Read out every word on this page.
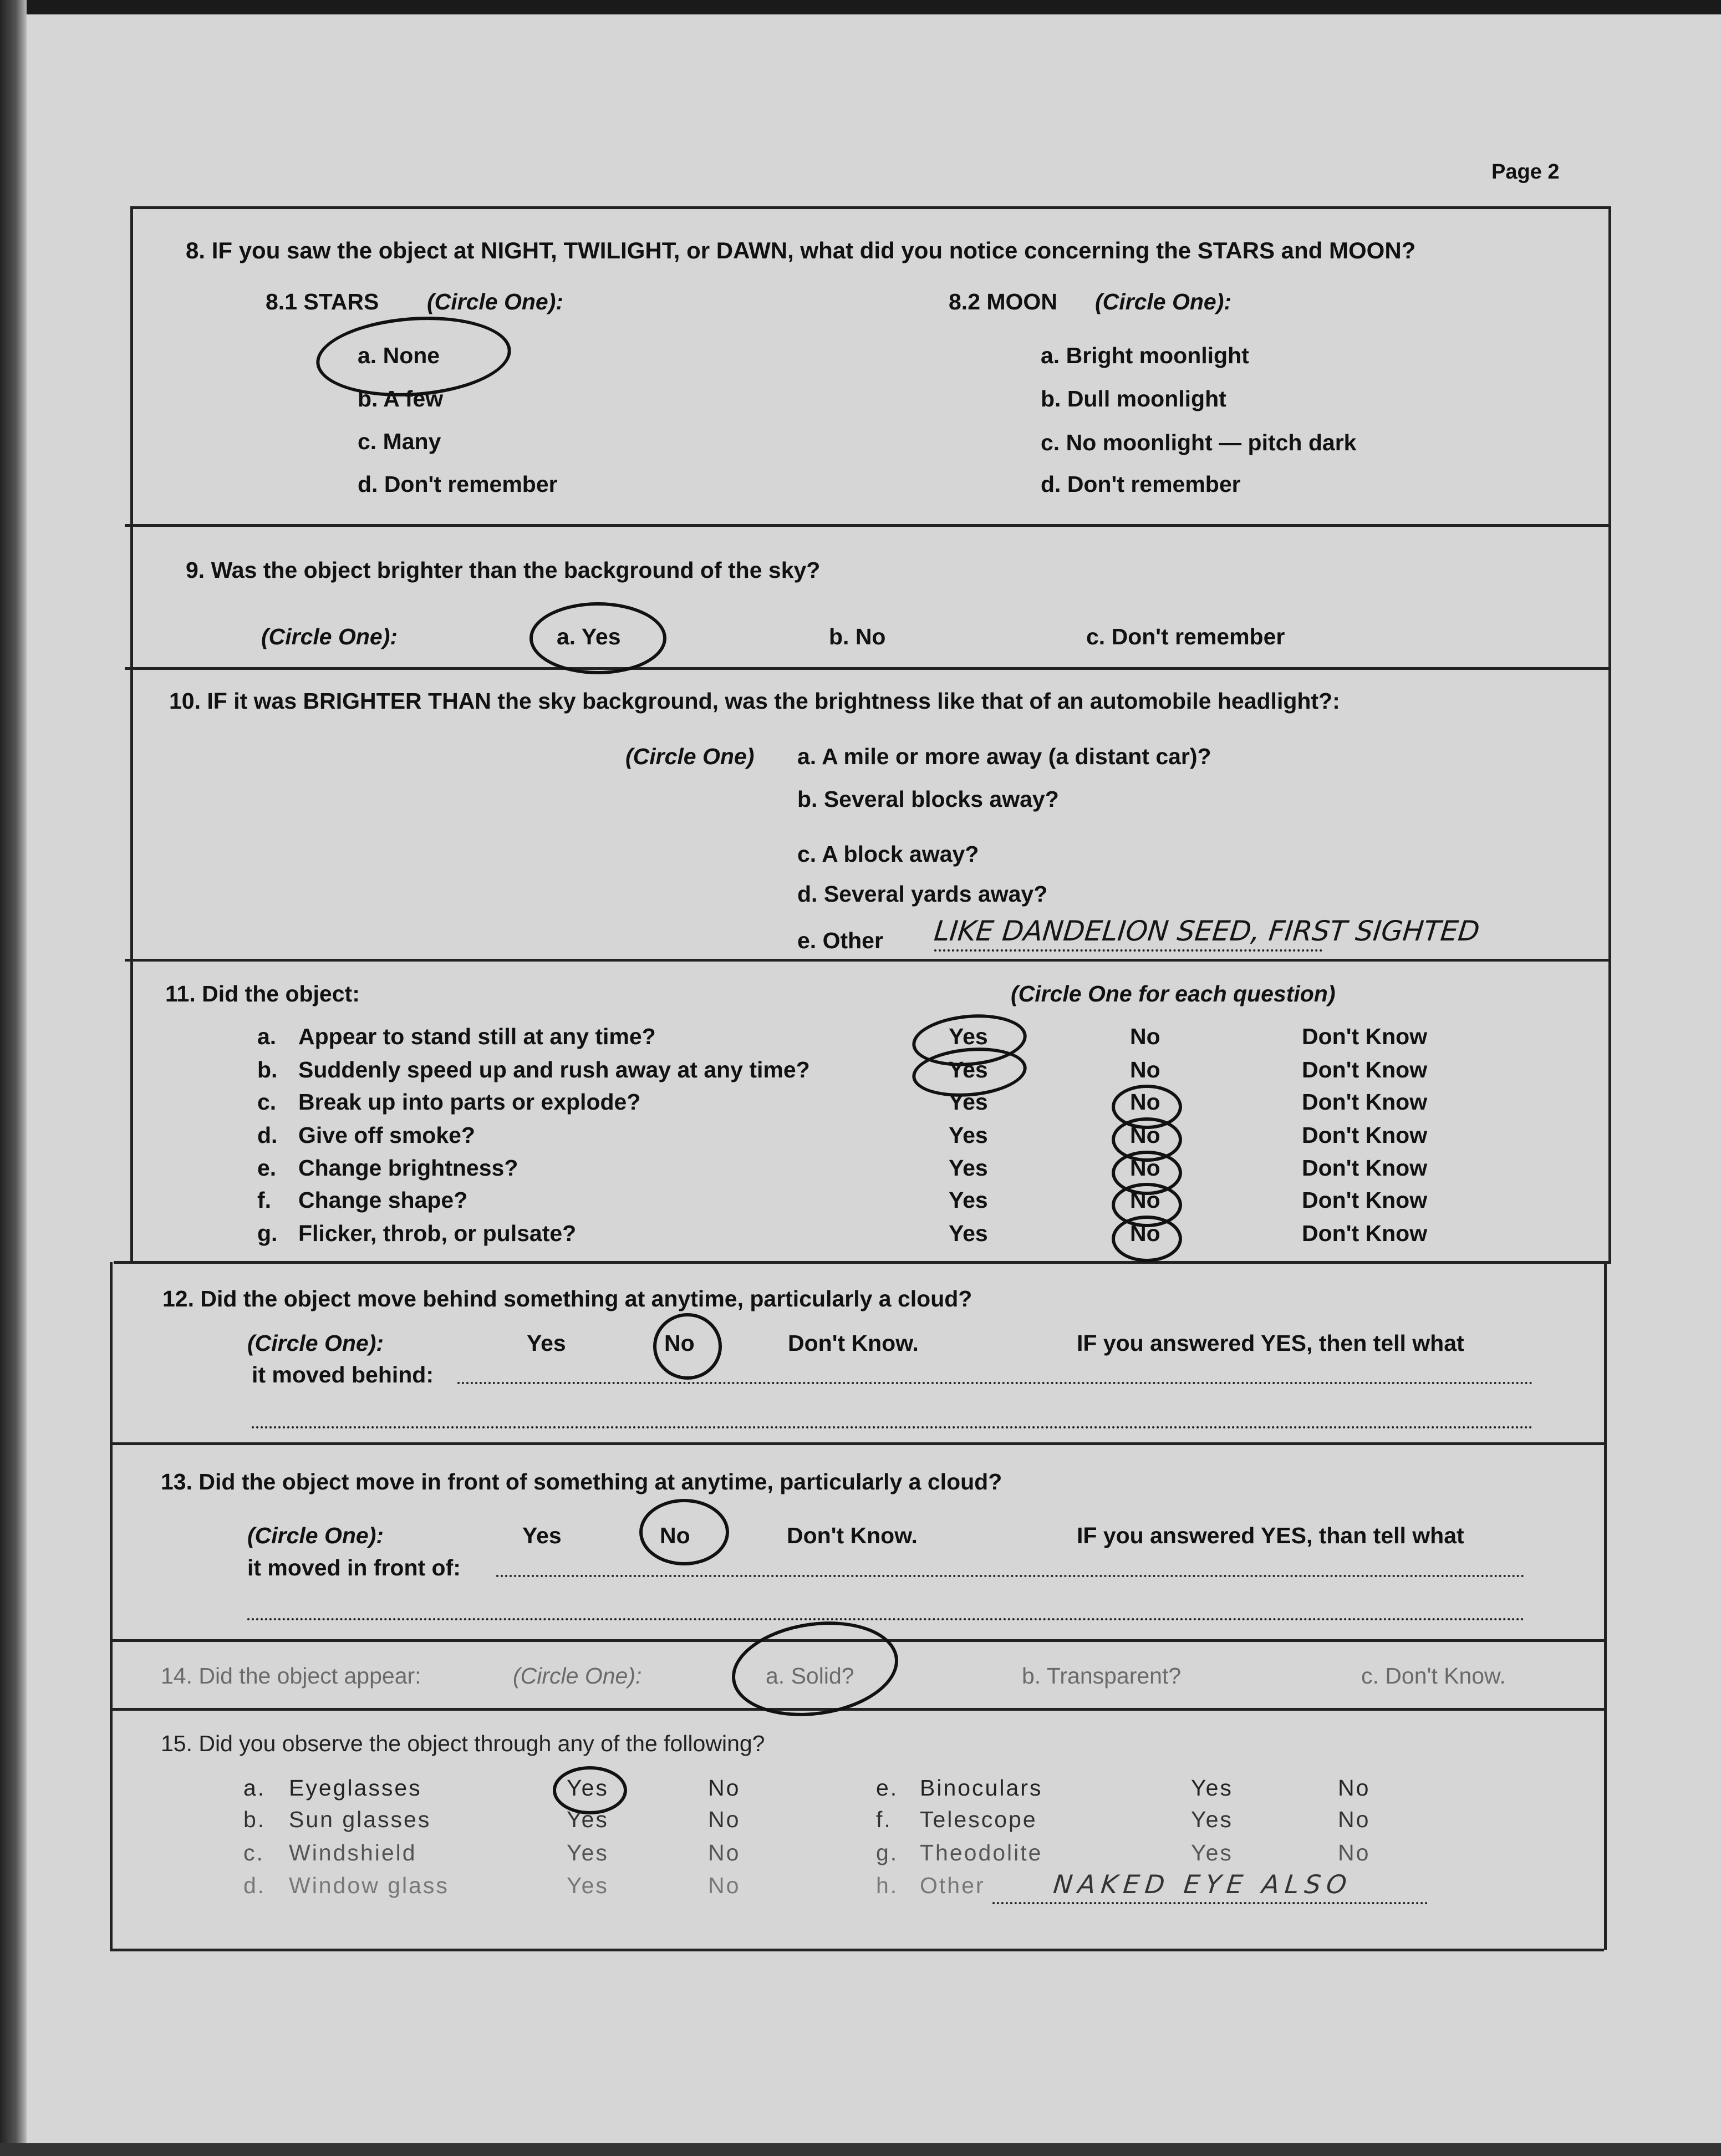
Page 2
8. IF you saw the object at NIGHT, TWILIGHT, or DAWN, what did you notice concerning the STARS and MOON?
8.1 STARS (Circle One):	8.2 MOON (Circle One):
a. None
b. A few
c. Many
d. Don't remember
a. Bright moonlight
b. Dull moonlight
c. No moonlight — pitch dark
d. Don't remember
9. Was the object brighter than the background of the sky?
(Circle One):	a. Yes	b. No	c. Don't remember
10. IF it was BRIGHTER THAN the sky background, was the brightness like that of an automobile headlight?:
(Circle One) a. A mile or more away (a distant car)?
b. Several blocks away?
c. A block away?
d. Several yards away?
e. Other LIKE DANDELION SEED, FIRST SIGHTED
11. Did the object:	(Circle One for each question)
a. Appear to stand still at any time?	Yes	No	Don't Know
b. Suddenly speed up and rush away at any time?	Yes	No	Don't Know
c. Break up into parts or explode?	Yes	No	Don't Know
d. Give off smoke?	Yes	No	Don't Know
e. Change brightness?	Yes	No	Don't Know
f. Change shape?	Yes	No	Don't Know
g. Flicker, throb, or pulsate?	Yes	No	Don't Know
12. Did the object move behind something at anytime, particularly a cloud?
(Circle One):	Yes	No	Don't Know.	IF you answered YES, then tell what
it moved behind:
13. Did the object move in front of something at anytime, particularly a cloud?
(Circle One):	Yes	No	Don't Know.	IF you answered YES, than tell what
it moved in front of:
14. Did the object appear:	(Circle One):	a. Solid?	b. Transparent?	c. Don't Know.
15. Did you observe the object through any of the following?
a. Eyeglasses	Yes	No
b. Sun glasses	Yes	No
c. Windshield	Yes	No
d. Window glass	Yes	No
e. Binoculars	Yes	No
f. Telescope	Yes	No
g. Theodolite	Yes	No
h. Other	NAKED EYE ALSO
